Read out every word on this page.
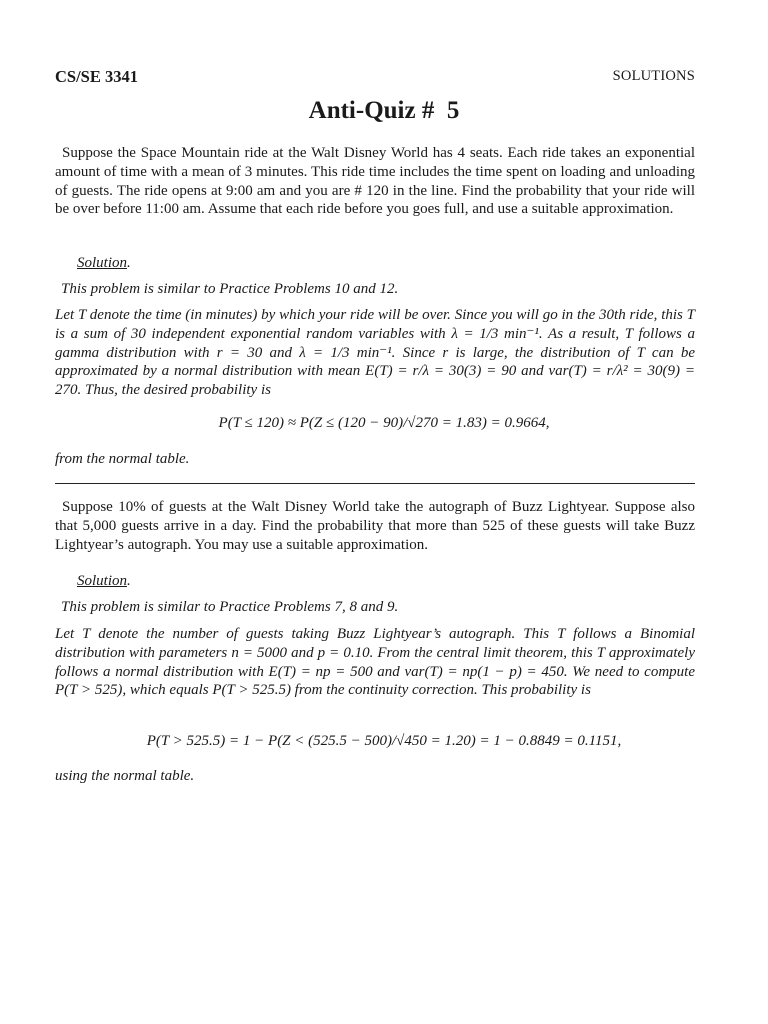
CS/SE 3341	SOLUTIONS
Anti-Quiz #  5

Suppose the Space Mountain ride at the Walt Disney World has 4 seats. Each ride takes an exponential amount of time with a mean of 3 minutes. This ride time includes the time spent on loading and unloading of guests. The ride opens at 9:00 am and you are # 120 in the line. Find the probability that your ride will be over before 11:00 am. Assume that each ride before you goes full, and use a suitable approximation.

Solution.
This problem is similar to Practice Problems 10 and 12.

Let T denote the time (in minutes) by which your ride will be over. Since you will go in the 30th ride, this T is a sum of 30 independent exponential random variables with λ = 1/3 min⁻¹. As a result, T follows a gamma distribution with r = 30 and λ = 1/3 min⁻¹. Since r is large, the distribution of T can be approximated by a normal distribution with mean E(T) = r/λ = 30(3) = 90 and var(T) = r/λ² = 30(9) = 270. Thus, the desired probability is

P(T ≤ 120) ≈ P(Z ≤ (120 − 90)/√270 = 1.83) = 0.9664,
from the normal table.

Suppose 10% of guests at the Walt Disney World take the autograph of Buzz Lightyear. Suppose also that 5,000 guests arrive in a day. Find the probability that more than 525 of these guests will take Buzz Lightyear’s autograph. You may use a suitable approximation.

Solution.
This problem is similar to Practice Problems 7, 8 and 9.

Let T denote the number of guests taking Buzz Lightyear’s autograph. This T follows a Binomial distribution with parameters n = 5000 and p = 0.10. From the central limit theorem, this T approximately follows a normal distribution with E(T) = np = 500 and var(T) = np(1 − p) = 450. We need to compute P(T > 525), which equals P(T > 525.5) from the continuity correction. This probability is

P(T > 525.5) = 1 − P(Z < (525.5 − 500)/√450 = 1.20) = 1 − 0.8849 = 0.1151,
using the normal table.
